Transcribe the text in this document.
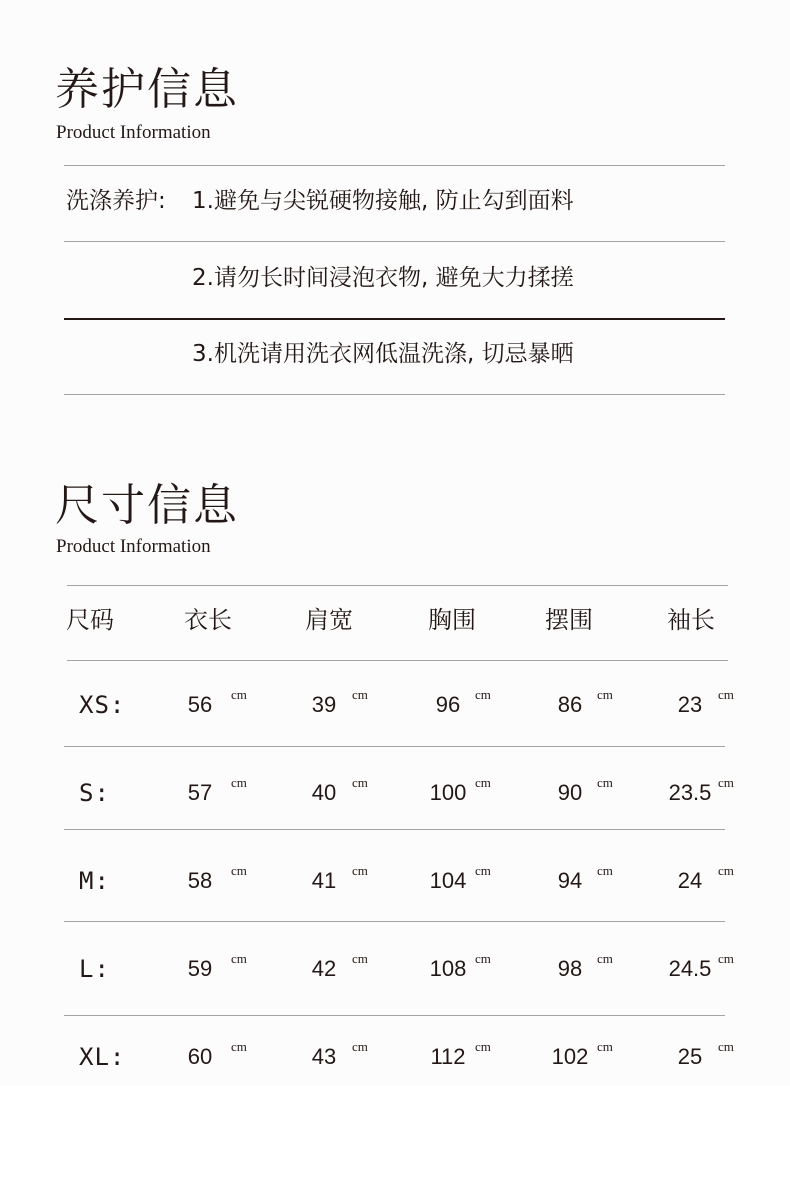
养护信息
Product Information
洗涤养护: 1.避免与尖锐硬物接触, 防止勾到面料
2.请勿长时间浸泡衣物, 避免大力揉搓
3.机洗请用洗衣网低温洗涤, 切忌暴晒
尺寸信息
Product Information
尺码	衣长	肩宽	胸围	摆围	袖长
XS:	56	cm	39	cm	96	cm	86	cm	23	cm
S:	57	cm	40	cm	100 cm	90	cm	23.5 cm
M:	58	cm	41	cm	104 cm	94	cm	24	cm
L:	59	cm	42	cm	108 cm	98	cm	24.5 cm
XL:	60	cm	43	cm	112 cm	102 cm	25	cm
